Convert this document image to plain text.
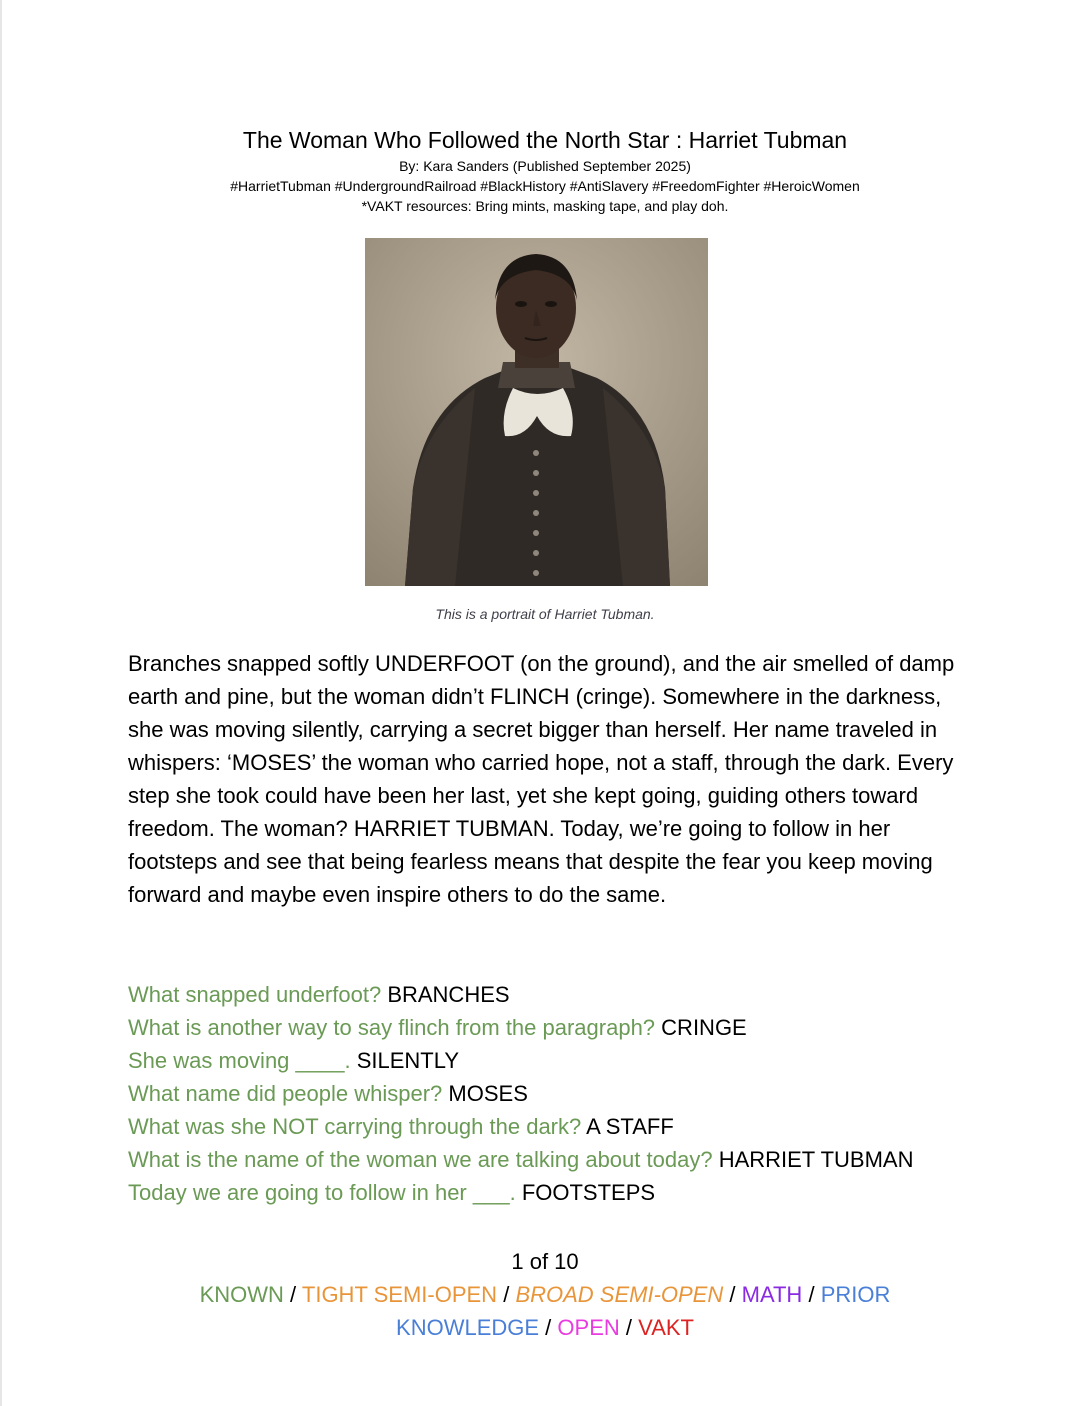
The Woman Who Followed the North Star : Harriet Tubman
By: Kara Sanders (Published September 2025)
#HarrietTubman #UndergroundRailroad #BlackHistory #AntiSlavery #FreedomFighter #HeroicWomen
*VAKT resources: Bring mints, masking tape, and play doh.
This is a portrait of Harriet Tubman.

Branches snapped softly UNDERFOOT (on the ground), and the air smelled of damp earth and pine, but the woman didn’t FLINCH (cringe). Somewhere in the darkness, she was moving silently, carrying a secret bigger than herself. Her name traveled in whispers: ‘MOSES’ the woman who carried hope, not a staff, through the dark. Every step she took could have been her last, yet she kept going, guiding others toward freedom. The woman? HARRIET TUBMAN. Today, we’re going to follow in her footsteps and see that being fearless means that despite the fear you keep moving forward and maybe even inspire others to do the same.

What snapped underfoot? BRANCHES
What is another way to say flinch from the paragraph? CRINGE
She was moving ____. SILENTLY
What name did people whisper? MOSES
What was she NOT carrying through the dark? A STAFF
What is the name of the woman we are talking about today? HARRIET TUBMAN
Today we are going to follow in her ___. FOOTSTEPS
1 of 10
KNOWN / TIGHT SEMI-OPEN / BROAD SEMI-OPEN / MATH / PRIOR KNOWLEDGE / OPEN / VAKT
